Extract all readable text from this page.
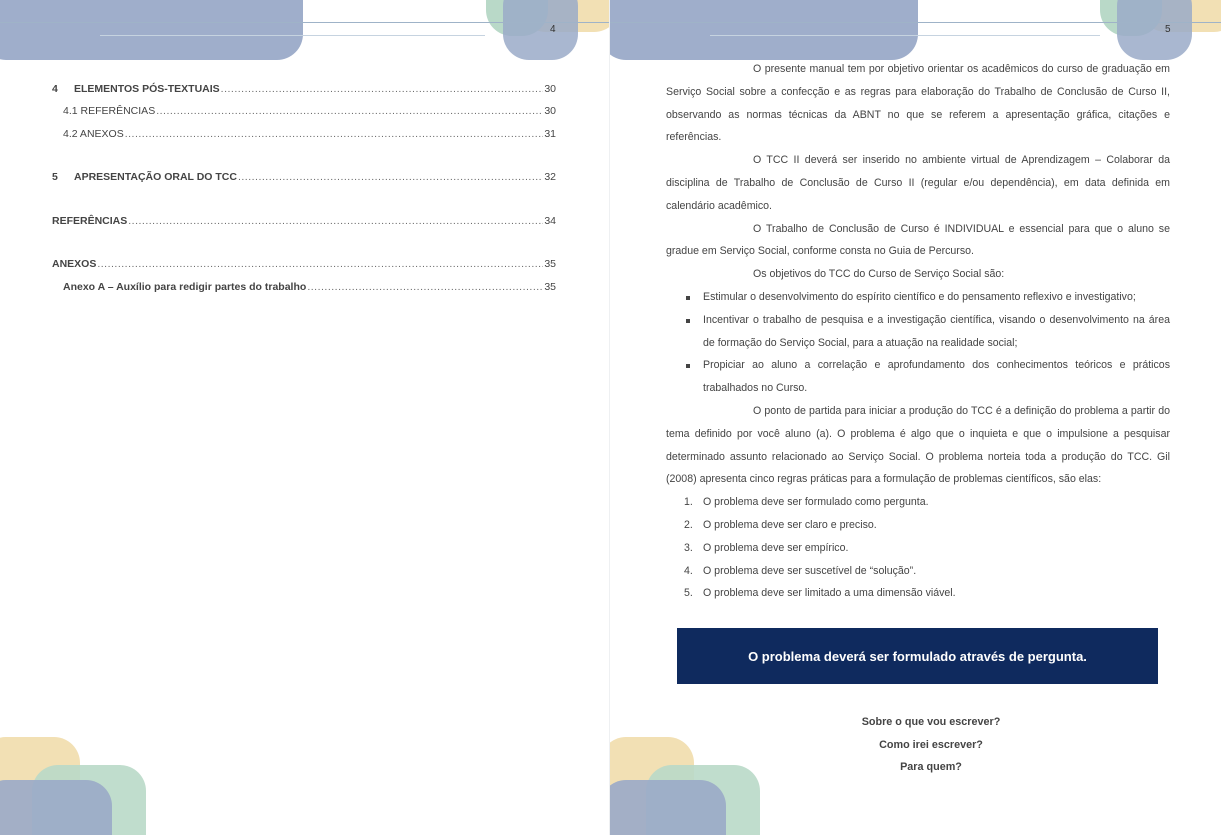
4
4	ELEMENTOS PÓS-TEXTUAIS .....	30
4.1 REFERÊNCIAS .....	30
4.2 ANEXOS .....	31
5	APRESENTAÇÃO ORAL DO TCC .....	32
REFERÊNCIAS .....	34
ANEXOS .....	35
Anexo A – Auxílio para redigir partes do trabalho .....	35
5

O presente manual tem por objetivo orientar os acadêmicos do curso de graduação em Serviço Social sobre a confecção e as regras para elaboração do Trabalho de Conclusão de Curso II, observando as normas técnicas da ABNT no que se referem a apresentação gráfica, citações e referências.

O TCC II deverá ser inserido no ambiente virtual de Aprendizagem – Colaborar da disciplina de Trabalho de Conclusão de Curso II (regular e/ou dependência), em data definida em calendário acadêmico.

O Trabalho de Conclusão de Curso é INDIVIDUAL e essencial para que o aluno se gradue em Serviço Social, conforme consta no Guia de Percurso.

Os objetivos do TCC do Curso de Serviço Social são:

Estimular o desenvolvimento do espírito científico e do pensamento reflexivo e investigativo;
Incentivar o trabalho de pesquisa e a investigação científica, visando o desenvolvimento na área de formação do Serviço Social, para a atuação na realidade social;
Propiciar ao aluno a correlação e aprofundamento dos conhecimentos teóricos e práticos trabalhados no Curso.

O ponto de partida para iniciar a produção do TCC é a definição do problema a partir do tema definido por você aluno (a). O problema é algo que o inquieta e que o impulsione a pesquisar determinado assunto relacionado ao Serviço Social. O problema norteia toda a produção do TCC. Gil (2008) apresenta cinco regras práticas para a formulação de problemas científicos, são elas:

1. O problema deve ser formulado como pergunta.
2. O problema deve ser claro e preciso.
3. O problema deve ser empírico.
4. O problema deve ser suscetível de “solução”.
5. O problema deve ser limitado a uma dimensão viável.
O problema deverá ser formulado através de pergunta.
Sobre o que vou escrever?
Como irei escrever?
Para quem?
